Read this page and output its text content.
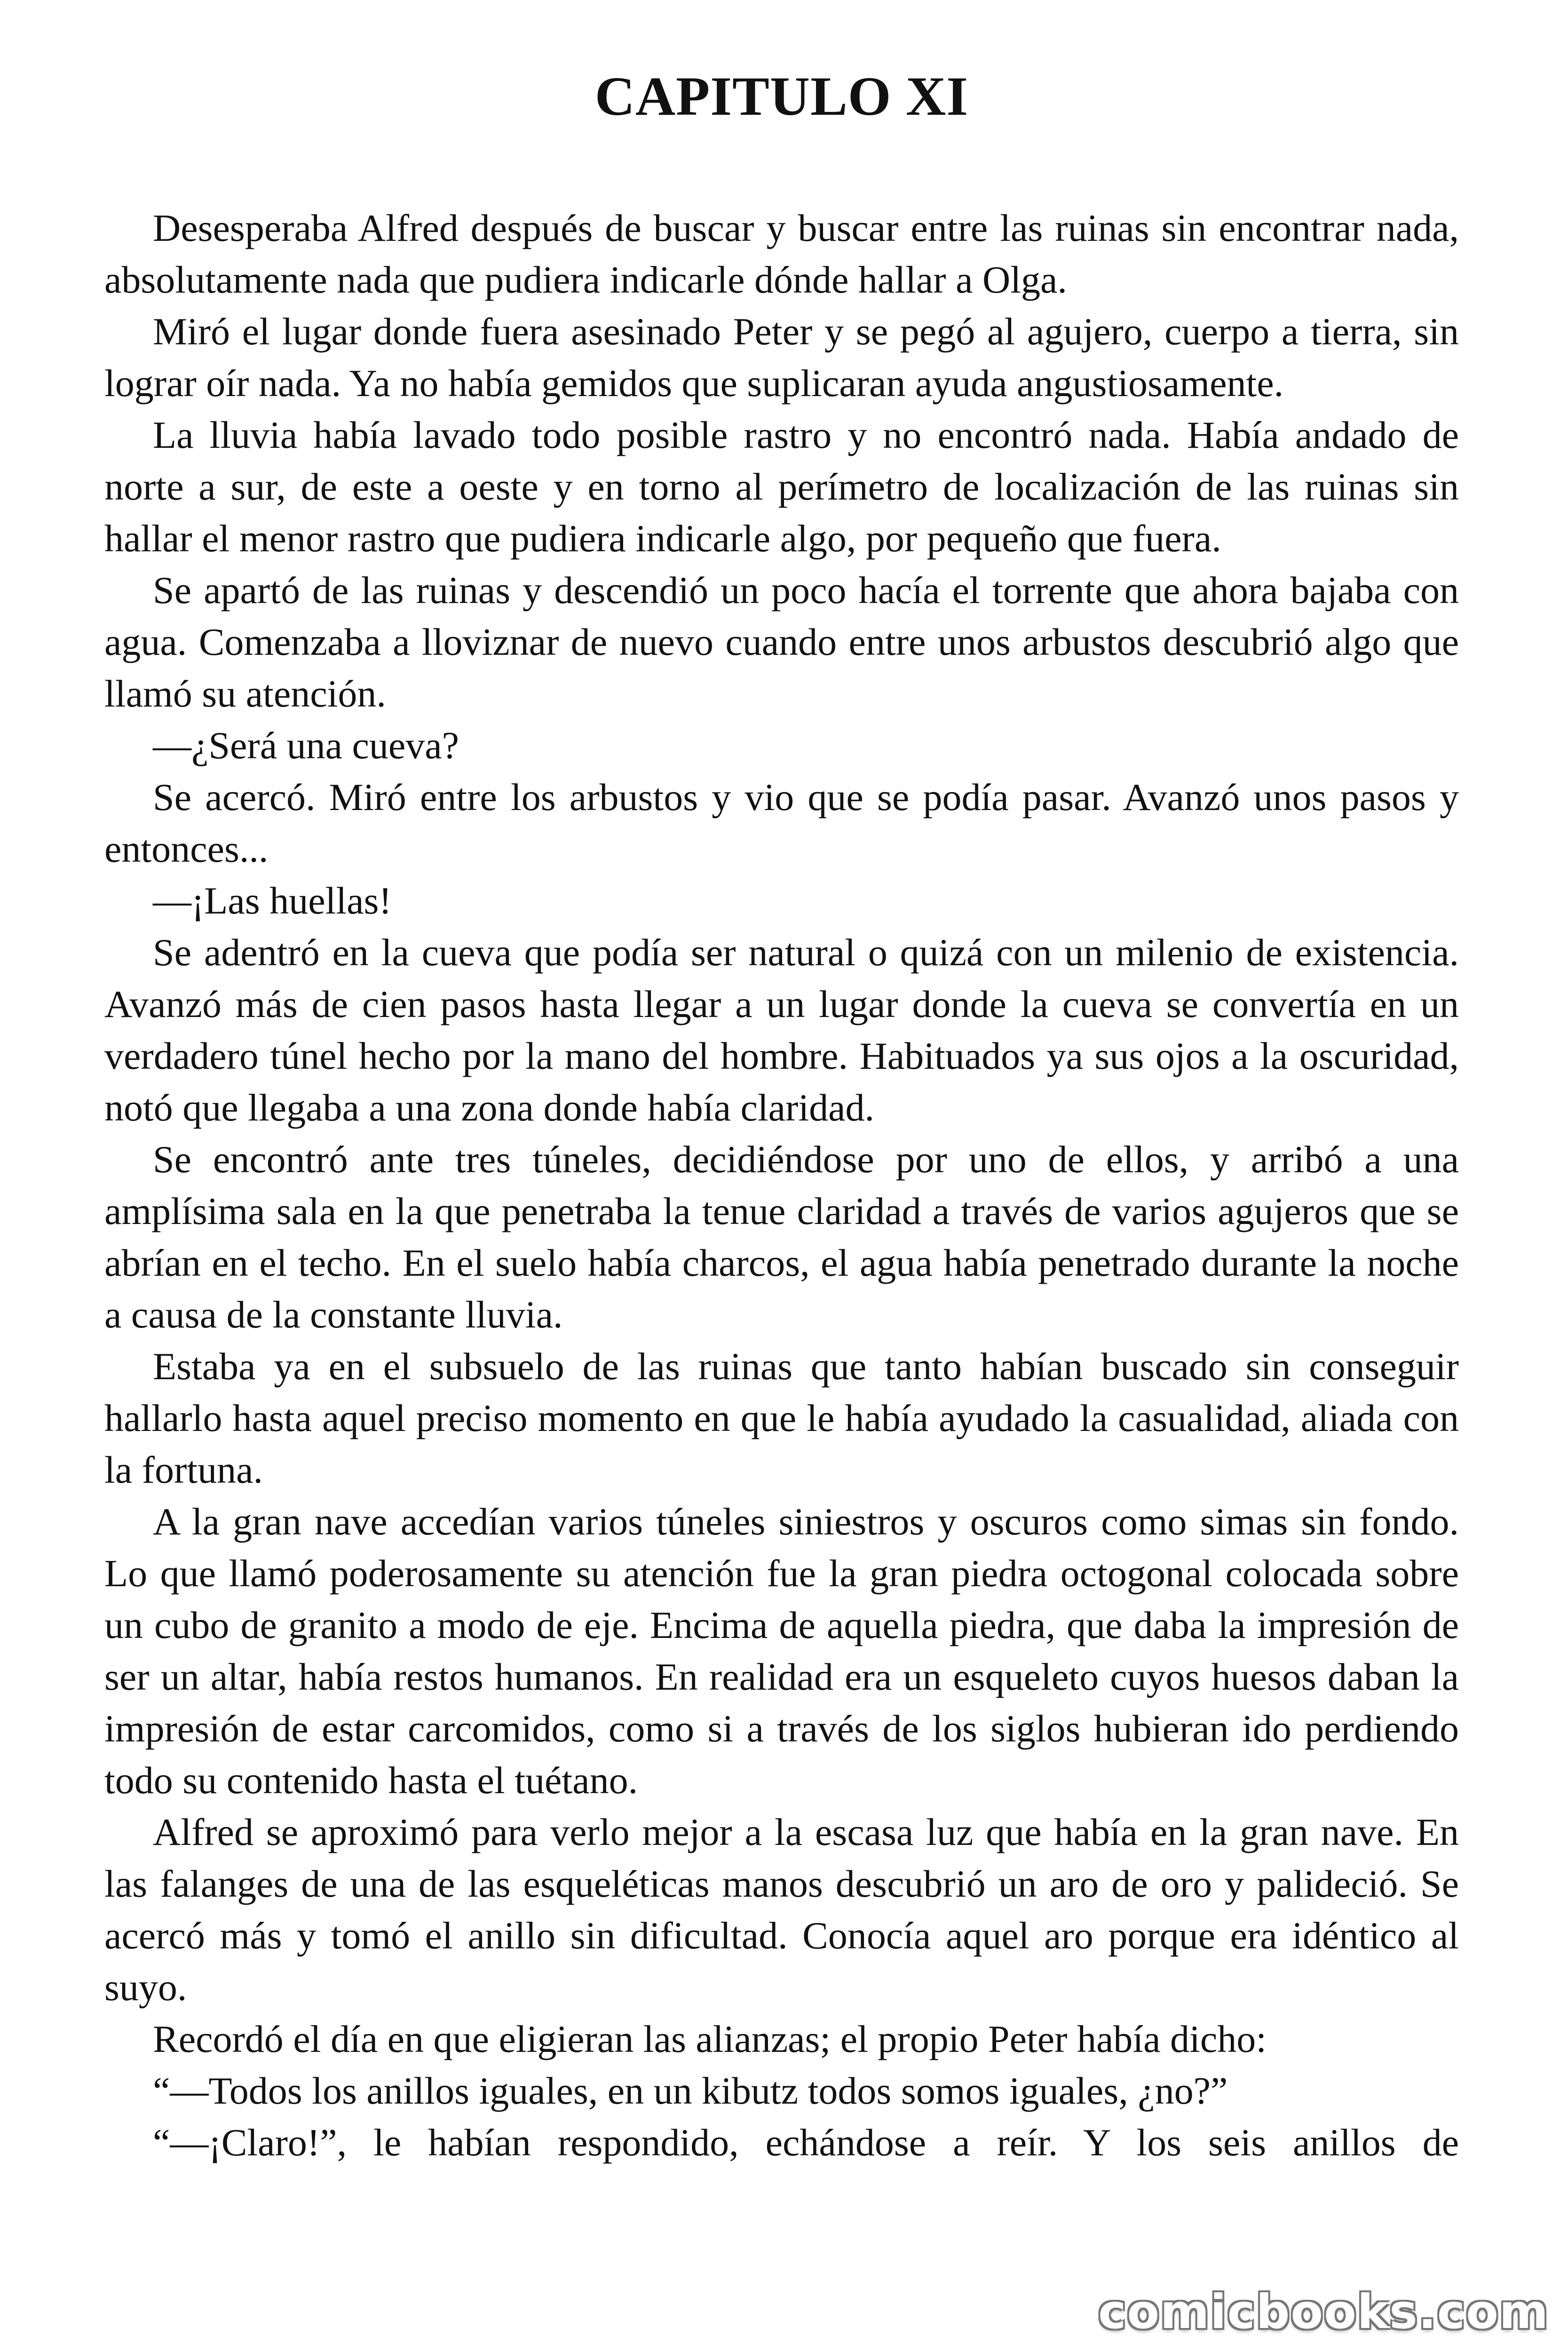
CAPITULO XI

Desesperaba Alfred después de buscar y buscar entre las ruinas sin encontrar nada, absolutamente nada que pudiera indicarle dónde hallar a Olga.

Miró el lugar donde fuera asesinado Peter y se pegó al agujero, cuerpo a tierra, sin lograr oír nada. Ya no había gemidos que suplicaran ayuda angustiosamente.

La lluvia había lavado todo posible rastro y no encontró nada. Había andado de norte a sur, de este a oeste y en torno al perímetro de localización de las ruinas sin hallar el menor rastro que pudiera indicarle algo, por pequeño que fuera.

Se apartó de las ruinas y descendió un poco hacía el torrente que ahora bajaba con agua. Comenzaba a lloviznar de nuevo cuando entre unos arbustos descubrió algo que llamó su atención.

—¿Será una cueva?

Se acercó. Miró entre los arbustos y vio que se podía pasar. Avanzó unos pasos y entonces...

—¡Las huellas!

Se adentró en la cueva que podía ser natural o quizá con un milenio de existencia. Avanzó más de cien pasos hasta llegar a un lugar donde la cueva se convertía en un verdadero túnel hecho por la mano del hombre. Habituados ya sus ojos a la oscuridad, notó que llegaba a una zona donde había claridad.

Se encontró ante tres túneles, decidiéndose por uno de ellos, y arribó a una amplísima sala en la que penetraba la tenue claridad a través de varios agujeros que se abrían en el techo. En el suelo había charcos, el agua había penetrado durante la noche a causa de la constante lluvia.

Estaba ya en el subsuelo de las ruinas que tanto habían buscado sin conseguir hallarlo hasta aquel preciso momento en que le había ayudado la casualidad, aliada con la fortuna.

A la gran nave accedían varios túneles siniestros y oscuros como simas sin fondo. Lo que llamó poderosamente su atención fue la gran piedra octogonal colocada sobre un cubo de granito a modo de eje. Encima de aquella piedra, que daba la impresión de ser un altar, había restos humanos. En realidad era un esqueleto cuyos huesos daban la impresión de estar carcomidos, como si a través de los siglos hubieran ido perdiendo todo su contenido hasta el tuétano.

Alfred se aproximó para verlo mejor a la escasa luz que había en la gran nave. En las falanges de una de las esqueléticas manos descubrió un aro de oro y palideció. Se acercó más y tomó el anillo sin dificultad. Conocía aquel aro porque era idéntico al suyo.

Recordó el día en que eligieran las alianzas; el propio Peter había dicho:

“—Todos los anillos iguales, en un kibutz todos somos iguales, ¿no?”

“—¡Claro!”, le habían respondido, echándose a reír. Y los seis anillos de

comicbooks.com
